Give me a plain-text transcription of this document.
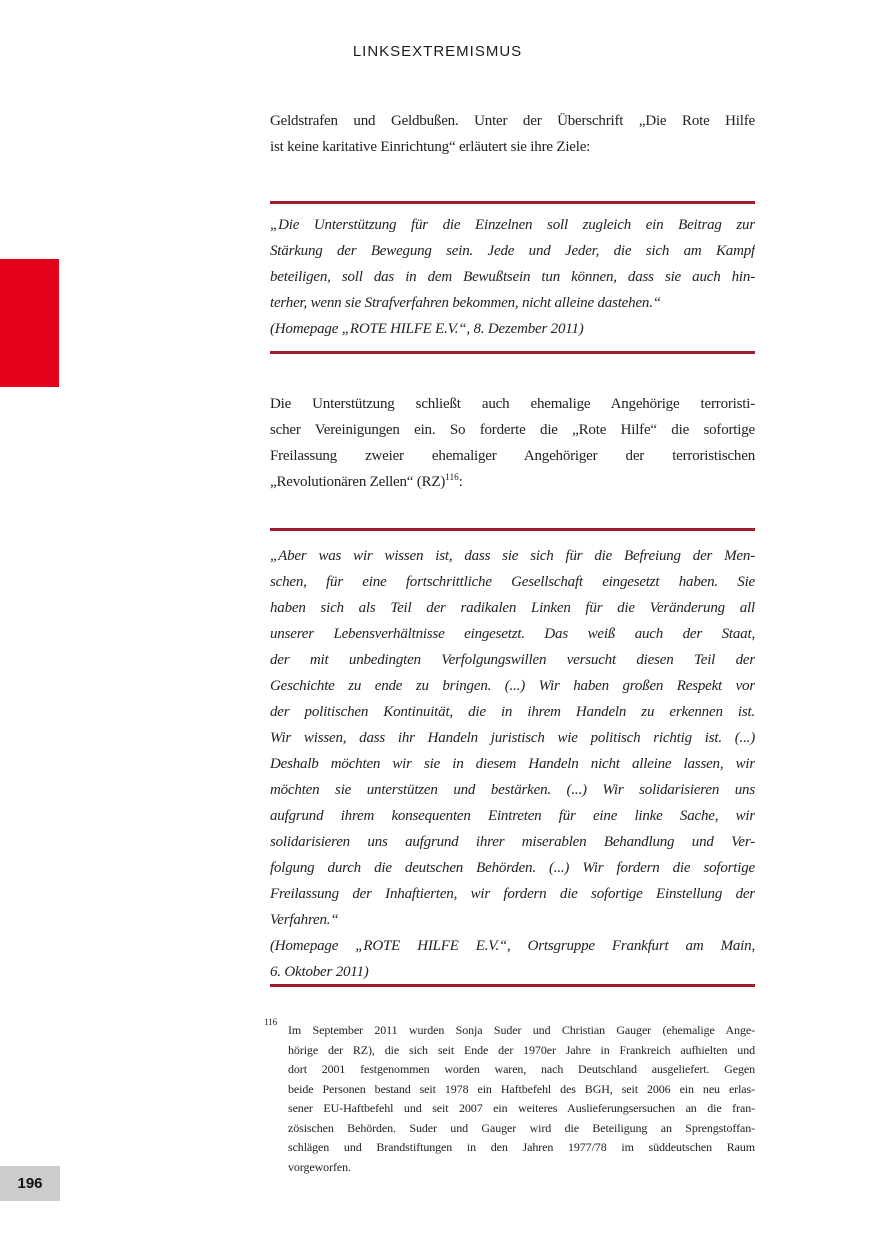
LINKSEXTREMISMUS
Geldstrafen und Geldbußen. Unter der Überschrift „Die Rote Hilfe
ist keine karitative Einrichtung“ erläutert sie ihre Ziele:
„Die Unterstützung für die Einzelnen soll zugleich ein Beitrag zur
Stärkung der Bewegung sein. Jede und Jeder, die sich am Kampf
beteiligen, soll das in dem Bewußtsein tun können, dass sie auch hin-
terher, wenn sie Strafverfahren bekommen, nicht alleine dastehen.“
(Homepage „ROTE HILFE E.V.“, 8. Dezember 2011)
Die Unterstützung schließt auch ehemalige Angehörige terroristi-
scher Vereinigungen ein. So forderte die „Rote Hilfe“ die sofortige
Freilassung zweier ehemaliger Angehöriger der terroristischen
„Revolutionären Zellen“ (RZ)$^{116}$:
„Aber was wir wissen ist, dass sie sich für die Befreiung der Men-
schen, für eine fortschrittliche Gesellschaft eingesetzt haben. Sie
haben sich als Teil der radikalen Linken für die Veränderung all
unserer Lebensverhältnisse eingesetzt. Das weiß auch der Staat,
der mit unbedingten Verfolgungswillen versucht diesen Teil der
Geschichte zu ende zu bringen. (...) Wir haben großen Respekt vor
der politischen Kontinuität, die in ihrem Handeln zu erkennen ist.
Wir wissen, dass ihr Handeln juristisch wie politisch richtig ist. (...)
Deshalb möchten wir sie in diesem Handeln nicht alleine lassen, wir
möchten sie unterstützen und bestärken. (...) Wir solidarisieren uns
aufgrund ihrem konsequenten Eintreten für eine linke Sache, wir
solidarisieren uns aufgrund ihrer miserablen Behandlung und Ver-
folgung durch die deutschen Behörden. (...) Wir fordern die sofortige
Freilassung der Inhaftierten, wir fordern die sofortige Einstellung der
Verfahren.“
(Homepage „ROTE HILFE E.V.“, Ortsgruppe Frankfurt am Main,
6. Oktober 2011)
116
Im September 2011 wurden Sonja Suder und Christian Gauger (ehemalige Ange-
hörige der RZ), die sich seit Ende der 1970er Jahre in Frankreich aufhielten und
dort 2001 festgenommen worden waren, nach Deutschland ausgeliefert. Gegen
beide Personen bestand seit 1978 ein Haftbefehl des BGH, seit 2006 ein neu erlas-
sener EU-Haftbefehl und seit 2007 ein weiteres Auslieferungsersuchen an die fran-
zösischen Behörden. Suder und Gauger wird die Beteiligung an Sprengstoffan-
schlägen und Brandstiftungen in den Jahren 1977/78 im süddeutschen Raum
vorgeworfen.
196
